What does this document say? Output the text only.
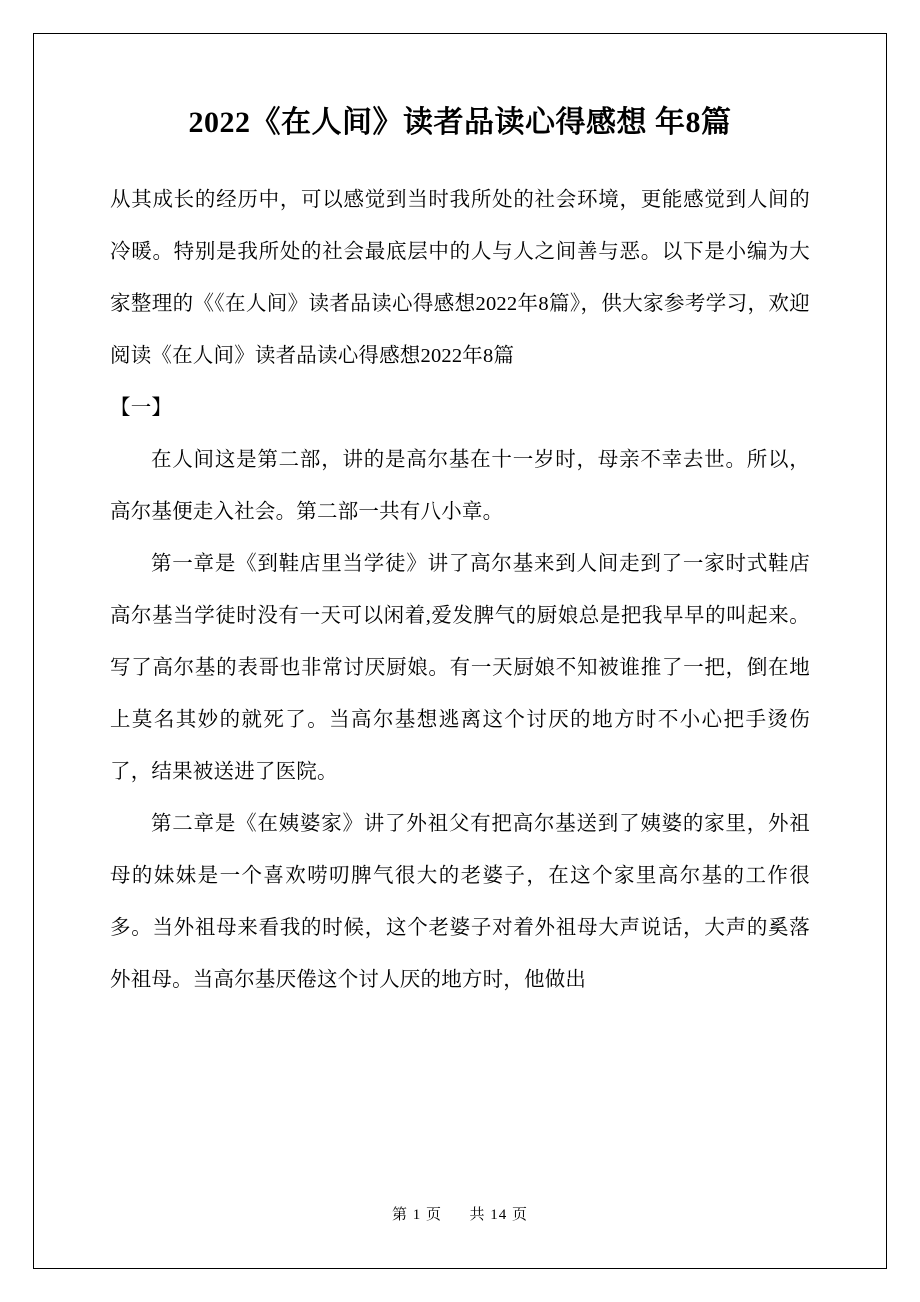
2022《在人间》读者品读心得感想 年8篇

从其成长的经历中，可以感觉到当时我所处的社会环境，更能感觉到人间的冷暖。特别是我所处的社会最底层中的人与人之间善与恶。以下是小编为大家整理的《《在人间》读者品读心得感想2022年8篇》，供大家参考学习，欢迎阅读《在人间》读者品读心得感想2022年8篇

【一】

在人间这是第二部，讲的是高尔基在十一岁时，母亲不幸去世。所以，高尔基便走入社会。第二部一共有八小章。

第一章是《到鞋店里当学徒》讲了高尔基来到人间走到了一家时式鞋店 高尔基当学徒时没有一天可以闲着,爱发脾气的厨娘总是把我早早的叫起来。写了高尔基的表哥也非常讨厌厨娘。有一天厨娘不知被谁推了一把，倒在地上莫名其妙的就死了。当高尔基想逃离这个讨厌的地方时不小心把手烫伤了，结果被送进了医院。

第二章是《在姨婆家》讲了外祖父有把高尔基送到了姨婆的家里，外祖母的妹妹是一个喜欢唠叨脾气很大的老婆子，在这个家里高尔基的工作很多。当外祖母来看我的时候，这个老婆子对着外祖母大声说话，大声的奚落外祖母。当高尔基厌倦这个讨人厌的地方时，他做出

第 1 页 共 14 页
